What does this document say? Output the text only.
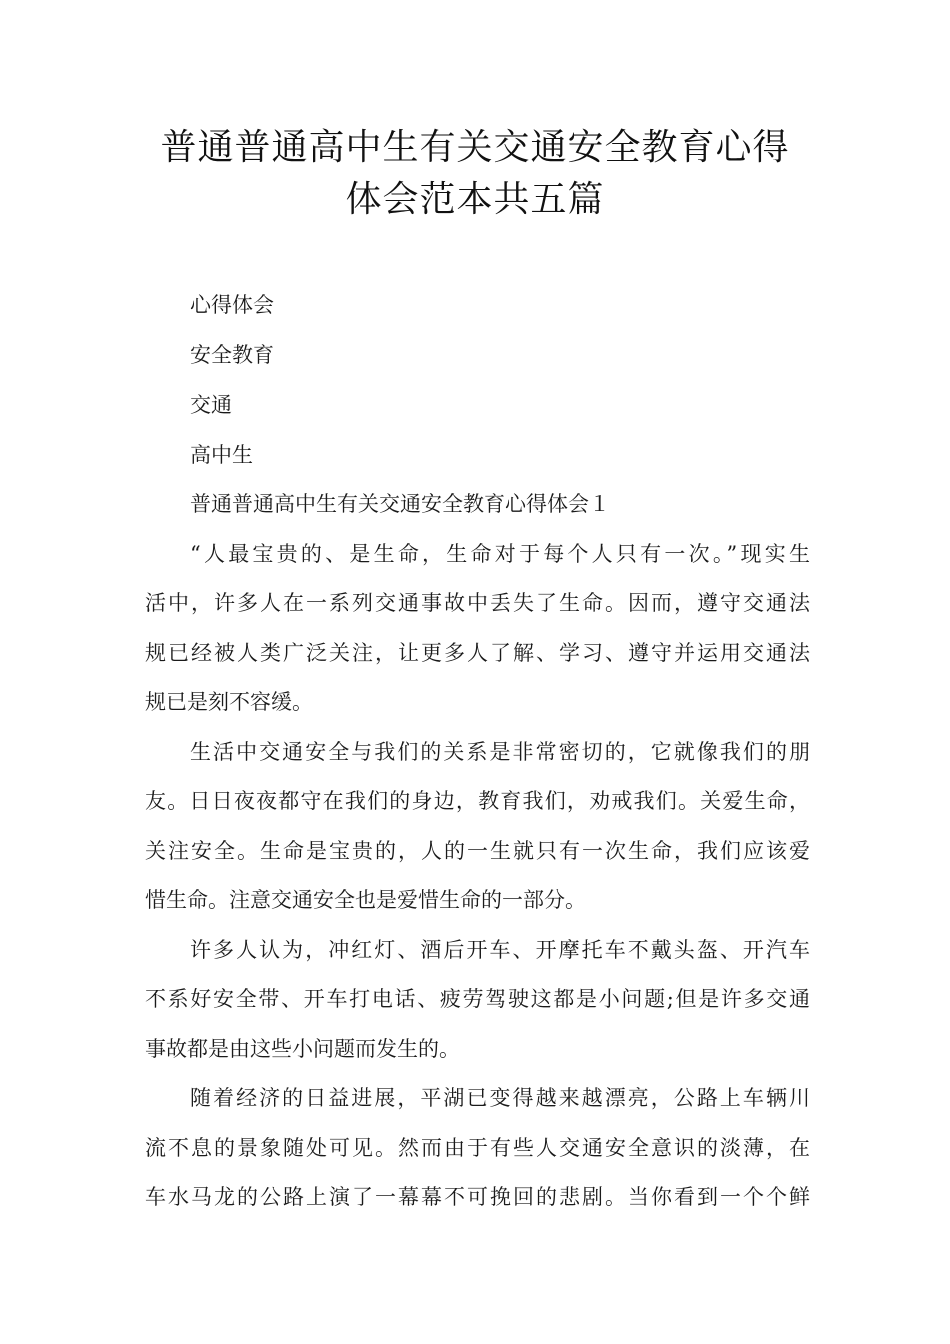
普通普通高中生有关交通安全教育心得
体会范本共五篇
心得体会
安全教育
交通
高中生
普通普通高中生有关交通安全教育心得体会１
“人最宝贵的、是生命，生命对于每个人只有一次。”现实生
活中，许多人在一系列交通事故中丢失了生命。因而，遵守交通法
规已经被人类广泛关注，让更多人了解、学习、遵守并运用交通法
规已是刻不容缓。
生活中交通安全与我们的关系是非常密切的，它就像我们的朋
友。日日夜夜都守在我们的身边，教育我们，劝戒我们。关爱生命，
关注安全。生命是宝贵的，人的一生就只有一次生命，我们应该爱
惜生命。注意交通安全也是爱惜生命的一部分。
许多人认为，冲红灯、酒后开车、开摩托车不戴头盔、开汽车
不系好安全带、开车打电话、疲劳驾驶这都是小问题;但是许多交通
事故都是由这些小问题而发生的。
随着经济的日益进展，平湖已变得越来越漂亮，公路上车辆川
流不息的景象随处可见。然而由于有些人交通安全意识的淡薄，在
车水马龙的公路上演了一幕幕不可挽回的悲剧。当你看到一个个鲜
